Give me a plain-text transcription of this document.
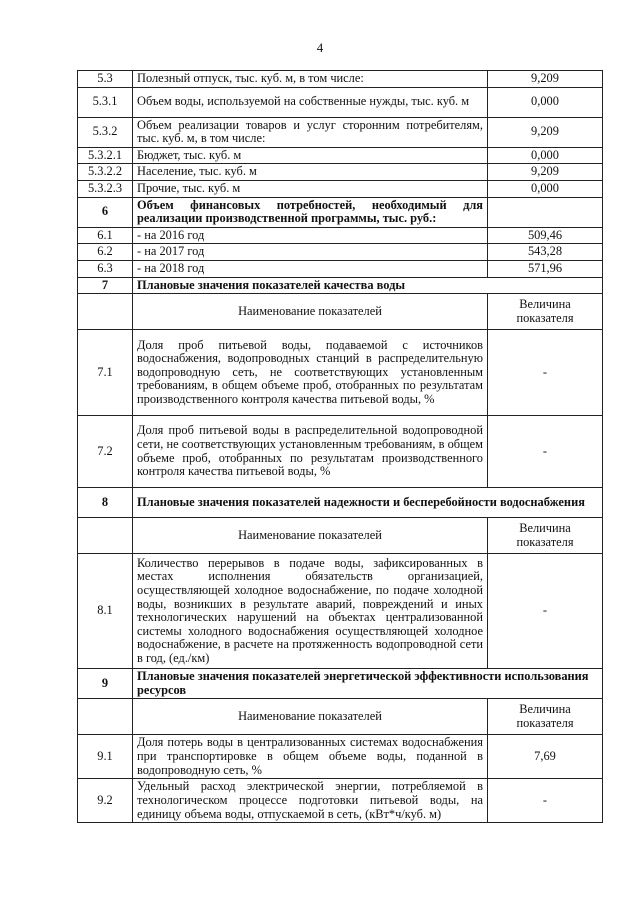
4
5.3	Полезный отпуск, тыс. куб. м, в том числе:	9,209
5.3.1	Объем воды, используемой на собственные нужды, тыс. куб. м	0,000
5.3.2	Объем реализации товаров и услуг сторонним потребителям, тыс. куб. м, в том числе:	9,209
5.3.2.1	Бюджет, тыс. куб. м	0,000
5.3.2.2	Население, тыс. куб. м	9,209
5.3.2.3	Прочие, тыс. куб. м	0,000
6	Объем финансовых потребностей, необходимый для реализации производственной программы, тыс. руб.:	
6.1	- на 2016 год	509,46
6.2	- на 2017 год	543,28
6.3	- на 2018 год	571,96
7	Плановые значения показателей качества воды	
	Наименование показателей	Величина показателя
7.1	Доля проб питьевой воды, подаваемой с источников водоснабжения, водопроводных станций в распределительную водопроводную сеть, не соответствующих установленным требованиям, в общем объеме проб, отобранных по результатам производственного контроля качества питьевой воды, %	-
7.2	Доля проб питьевой воды в распределительной водопроводной сети, не соответствующих установленным требованиям, в общем объеме проб, отобранных по результатам производственного контроля качества питьевой воды, %	-
8	Плановые значения показателей надежности и бесперебойности водоснабжения	
	Наименование показателей	Величина показателя
8.1	Количество перерывов в подаче воды, зафиксированных в местах исполнения обязательств организацией, осуществляющей холодное водоснабжение, по подаче холодной воды, возникших в результате аварий, повреждений и иных технологических нарушений на объектах централизованной системы холодного водоснабжения осуществляющей холодное водоснабжение, в расчете на протяженность водопроводной сети в год, (ед./км)	-
9	Плановые значения показателей энергетической эффективности использования ресурсов	
	Наименование показателей	Величина показателя
9.1	Доля потерь воды в централизованных системах водоснабжения при транспортировке в общем объеме воды, поданной в водопроводную сеть, %	7,69
9.2	Удельный расход электрической энергии, потребляемой в технологическом процессе подготовки питьевой воды, на единицу объема воды, отпускаемой в сеть, (кВт*ч/куб. м)	-
